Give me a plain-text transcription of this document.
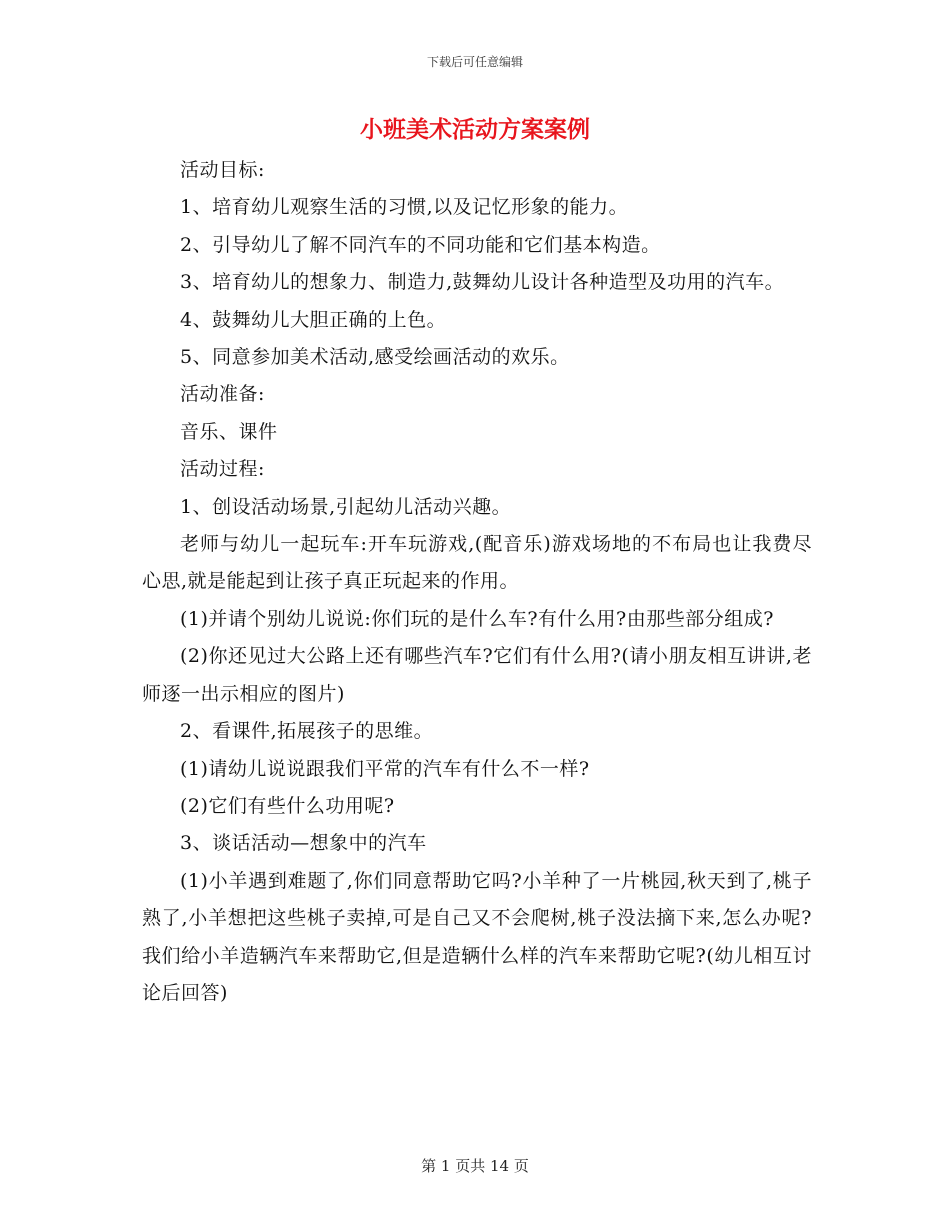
下载后可任意编辑
小班美术活动方案案例

活动目标:

1、培育幼儿观察生活的习惯,以及记忆形象的能力。

2、引导幼儿了解不同汽车的不同功能和它们基本构造。

3、培育幼儿的想象力、制造力,鼓舞幼儿设计各种造型及功用的汽车。

4、鼓舞幼儿大胆正确的上色。

5、同意参加美术活动,感受绘画活动的欢乐。

活动准备:

音乐、课件

活动过程:

1、创设活动场景,引起幼儿活动兴趣。

老师与幼儿一起玩车:开车玩游戏,(配音乐)游戏场地的不布局也让我费尽心思,就是能起到让孩子真正玩起来的作用。

(1)并请个别幼儿说说:你们玩的是什么车?有什么用?由那些部分组成?

(2)你还见过大公路上还有哪些汽车?它们有什么用?(请小朋友相互讲讲,老师逐一出示相应的图片)

2、看课件,拓展孩子的思维。

(1)请幼儿说说跟我们平常的汽车有什么不一样?

(2)它们有些什么功用呢?

3、谈话活动—想象中的汽车

(1)小羊遇到难题了,你们同意帮助它吗?小羊种了一片桃园,秋天到了,桃子熟了,小羊想把这些桃子卖掉,可是自己又不会爬树,桃子没法摘下来,怎么办呢?我们给小羊造辆汽车来帮助它,但是造辆什么样的汽车来帮助它呢?(幼儿相互讨论后回答)

第 1 页共 14 页
